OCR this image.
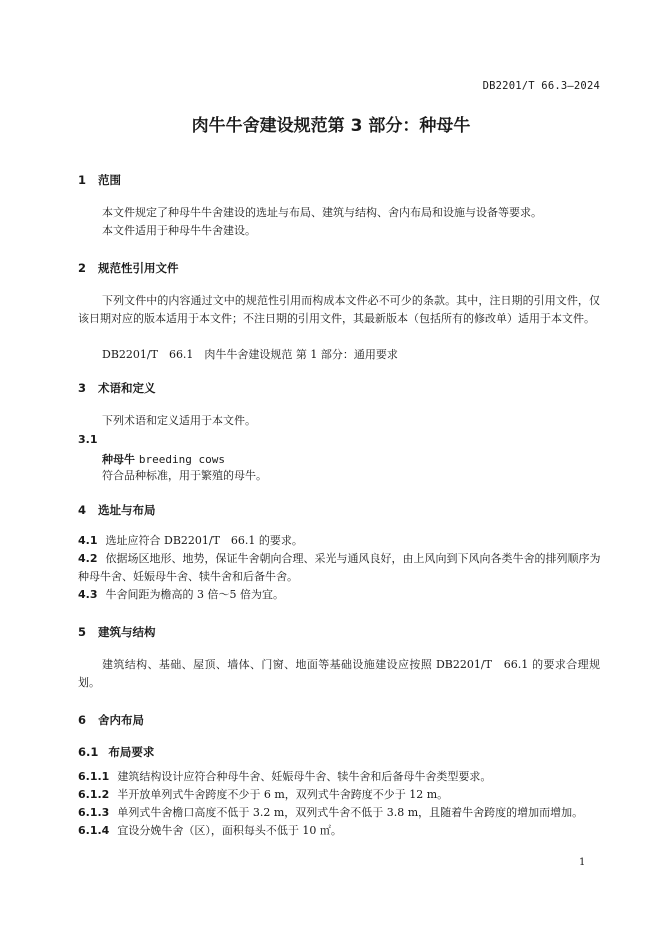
DB2201/T 66.3—2024
肉牛牛舍建设规范第 3 部分：种母牛
1 范围
本文件规定了种母牛牛舍建设的选址与布局、建筑与结构、舍内布局和设施与设备等要求。
本文件适用于种母牛牛舍建设。
2 规范性引用文件
下列文件中的内容通过文中的规范性引用而构成本文件必不可少的条款。其中，注日期的引用文件，仅该日期对应的版本适用于本文件；不注日期的引用文件，其最新版本（包括所有的修改单）适用于本文件。
DB2201/T　66.1　肉牛牛舍建设规范 第 1 部分：通用要求
3 术语和定义
下列术语和定义适用于本文件。
3.1
种母牛 breeding cows
符合品种标准，用于繁殖的母牛。
4 选址与布局
4.1 选址应符合 DB2201/T　66.1 的要求。
4.2 依据场区地形、地势，保证牛舍朝向合理、采光与通风良好，由上风向到下风向各类牛舍的排列顺序为种母牛舍、妊娠母牛舍、犊牛舍和后备牛舍。
4.3 牛舍间距为檐高的 3 倍～5 倍为宜。
5 建筑与结构
建筑结构、基础、屋顶、墙体、门窗、地面等基础设施建设应按照 DB2201/T　66.1 的要求合理规划。
6 舍内布局
6.1 布局要求
6.1.1 建筑结构设计应符合种母牛舍、妊娠母牛舍、犊牛舍和后备母牛舍类型要求。
6.1.2 半开放单列式牛舍跨度不少于 6 m，双列式牛舍跨度不少于 12 m。
6.1.3 单列式牛舍檐口高度不低于 3.2 m，双列式牛舍不低于 3.8 m，且随着牛舍跨度的增加而增加。
6.1.4 宜设分娩牛舍（区），面积每头不低于 10 ㎡。
1
